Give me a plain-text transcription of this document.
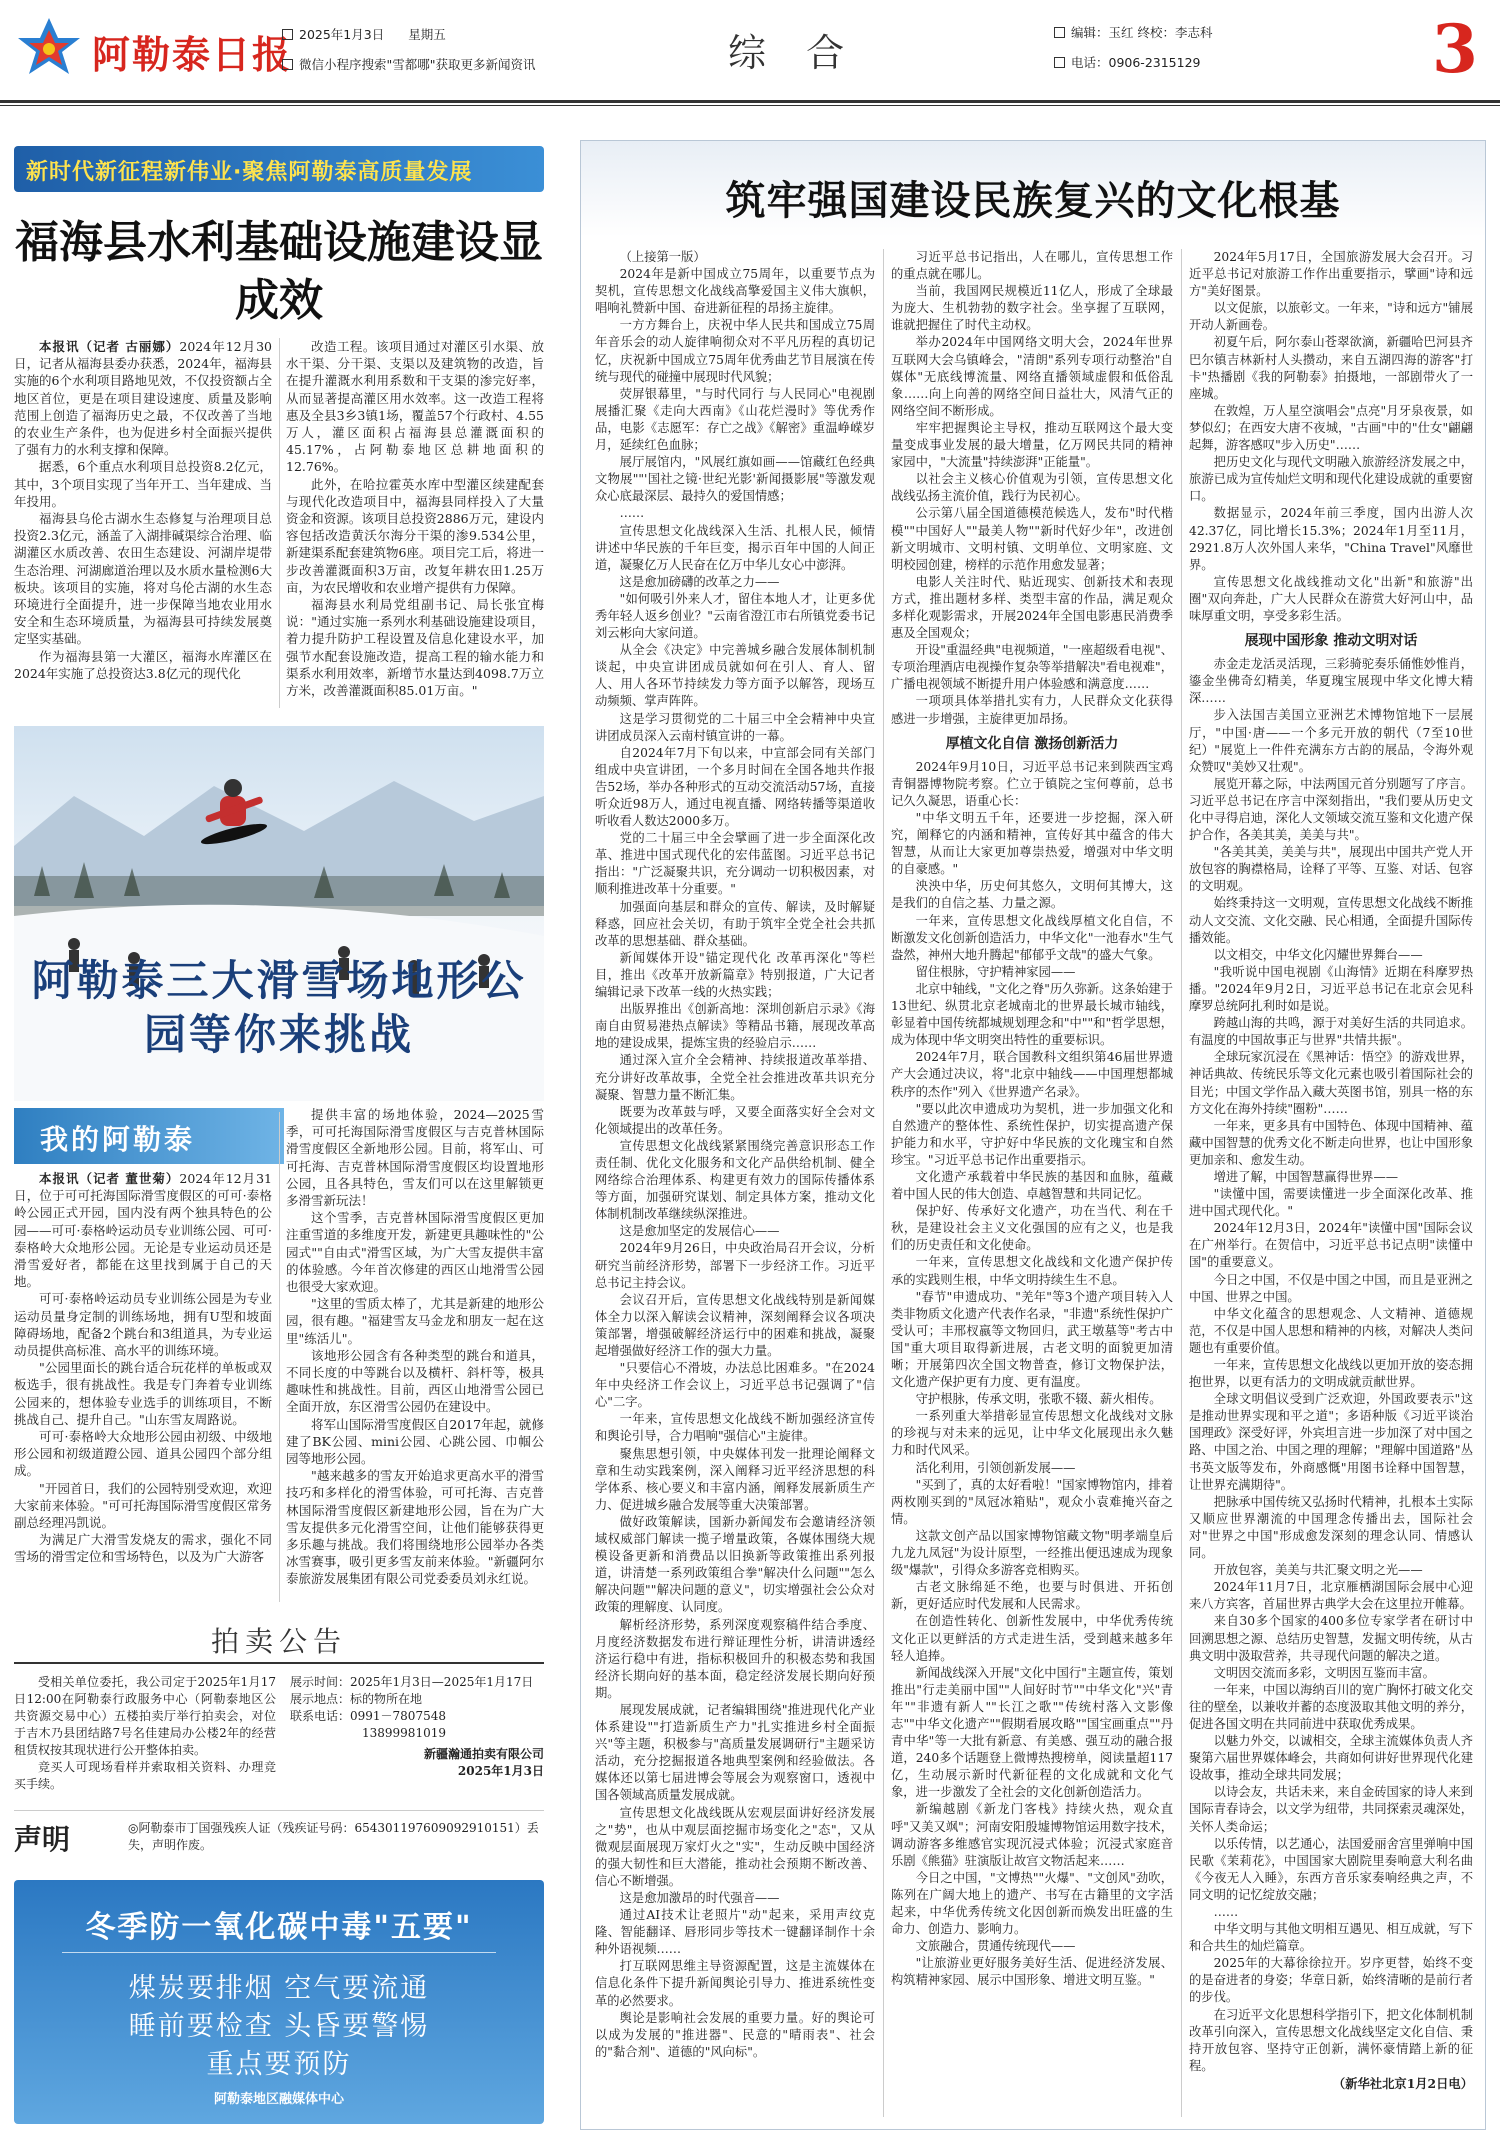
阿勒泰日报 2025年1月3日 星期五
微信小程序搜索"雪都哪"获取更多新闻资讯	综 合	编辑：玉红 终校：李志科
电话：0906-2315129	3
新时代新征程新伟业·聚焦阿勒泰高质量发展
福海县水利基础设施建设显成效

本报讯（记者 古丽娜）2024年12月30日，记者从福海县委办获悉，2024年，福海县实施的6个水利项目路地见效，不仅投资额占全地区首位，更是在项目建设速度、质量及影响范围上创造了福海历史之最，不仅改善了当地的农业生产条件，也为促进乡村全面振兴提供了强有力的水利支撑和保障。

据悉，6个重点水利项目总投资8.2亿元，其中，3个项目实现了当年开工、当年建成、当年投用。

福海县乌伦古湖水生态修复与治理项目总投资2.3亿元，涵盖了入湖排碱渠综合治理、临湖灌区水质改善、农田生态建设、河湖岸堤带生态治理、河湖廊道治理以及水质水量检测6大板块。该项目的实施，将对乌伦古湖的水生态环境进行全面提升，进一步保障当地农业用水安全和生态环境质量，为福海县可持续发展奠定坚实基础。

作为福海县第一大灌区，福海水库灌区在2024年实施了总投资达3.8亿元的现代化

改造工程。该项目通过对灌区引水渠、放水干渠、分干渠、支渠以及建筑物的改造，旨在提升灌溉水利用系数和干支渠的渗完好率，从而显著提高灌区用水效率。这一改造工程将惠及全县3乡3镇1场，覆盖57个行政村、4.55万人，灌区面积占福海县总灌溉面积的45.17%，占阿勒泰地区总耕地面积的12.76%。

此外，在哈拉霍英水库中型灌区续建配套与现代化改造项目中，福海县同样投入了大量资金和资源。该项目总投资2886万元，建设内容包括改造黄沃尔海分干渠的渗9.534公里，新建渠系配套建筑物6座。项目完工后，将进一步改善灌溉面积3万亩，改复年耕农田1.25万亩，为农民增收和农业增产提供有力保障。

福海县水利局党组副书记、局长张宜梅说："通过实施一系列水利基础设施建设项目，着力提升防护工程设置及信息化建设水平，加强节水配套设施改造，提高工程的输水能力和渠系水利用效率，新增节水量达到4098.7万立方米，改善灌溉面积85.01万亩。"

阿勒泰三大滑雪场地形公园等你来挑战
我的阿勒泰

本报讯（记者 董世菊）2024年12月31日，位于可可托海国际滑雪度假区的可可·泰格岭公园正式开园，国内没有两个独具特色的公园——可可·泰格岭运动员专业训练公园、可可·泰格岭大众地形公园。无论是专业运动员还是滑雪爱好者，都能在这里找到属于自己的天地。

可可·泰格岭运动员专业训练公园是为专业运动员量身定制的训练场地，拥有U型和坡面障碍场地，配备2个跳台和3组道具，为专业运动员提供高标准、高水平的训练环境。

"公园里面长的跳台适合玩花样的单板或双板选手，很有挑战性。我是专门奔着专业训练公园来的，想体验专业选手的训练项目，不断挑战自己、提升自己。"山东雪友周路说。

可可·泰格岭大众地形公园由初级、中级地形公园和初级道蹬公园、道具公园四个部分组成。

"开园首日，我们的公园特别受欢迎，欢迎大家前来体验。"可可托海国际滑雪度假区常务副总经理冯凯说。

为满足广大滑雪发烧友的需求，强化不同雪场的滑雪定位和雪场特色，以及为广大游客

提供丰富的场地体验，2024—2025雪季，可可托海国际滑雪度假区与吉克普林国际滑雪度假区全新地形公园。目前，将军山、可可托海、吉克普林国际滑雪度假区均设置地形公园，且各具特色，雪友们可以在这里解锁更多滑雪新玩法！

这个雪季，吉克普林国际滑雪度假区更加注重雪道的多维度开发，新建更具趣味性的"公园式""自由式"滑雪区域，为广大雪友提供丰富的体验感。今年首次修建的西区山地滑雪公园也很受大家欢迎。

"这里的雪质太棒了，尤其是新建的地形公园，很有趣。"福建雪友马金龙和朋友一起在这里"练活儿"。

该地形公园含有各种类型的跳台和道具，不同长度的中等跳台以及横杆、斜杆等，极具趣味性和挑战性。目前，西区山地滑雪公园已全面开放，东区滑雪公园仍在建设中。

将军山国际滑雪度假区自2017年起，就修建了BK公园、mini公园、心跳公园、巾帼公园等地形公园。

"越来越多的雪友开始追求更高水平的滑雪技巧和多样化的滑雪体验，可可托海、吉克普林国际滑雪度假区新建地形公园，旨在为广大雪友提供多元化滑雪空间，让他们能够获得更多乐趣与挑战。我们将围绕地形公园举办各类冰雪赛事，吸引更多雪友前来体验。"新疆阿尔泰旅游发展集团有限公司党委委员刘永红说。

拍卖公告

受相关单位委托，我公司定于2025年1月17日12:00在阿勒泰行政服务中心（阿勒泰地区公共资源交易中心）五楼拍卖厅举行拍卖会，对位于吉木乃县团结路7号名佳建局办公楼2年的经营租赁权按其现状进行公开整体拍卖。

竞买人可现场看样并索取相关资料、办理竞买手续。

展示时间：2025年1月3日—2025年1月17日
展示地点：标的物所在地
联系电话：0991－7807548
13899981019
新疆瀚通拍卖有限公司
2025年1月3日
声明	◎阿勒泰市丁国强残疾人证（残疾证号码：654301197609092910151）丢失，声明作废。
冬季防一氧化碳中毒"五要"
煤炭要排烟 空气要流通
睡前要检查 头昏要警惕
重点要预防
阿勒泰地区融媒体中心
筑牢强国建设民族复兴的文化根基

（上接第一版）

2024年是新中国成立75周年，以重要节点为契机，宣传思想文化战线高擎爱国主义伟大旗帜，唱响礼赞新中国、奋进新征程的昂扬主旋律。

一方方舞台上，庆祝中华人民共和国成立75周年音乐会的动人旋律响彻众对不平凡历程的真切记忆，庆祝新中国成立75周年优秀曲艺节目展演在传统与现代的碰撞中展现时代风貌；

荧屏银幕里，"与时代同行 与人民同心"电视剧展播汇聚《走向大西南》《山花烂漫时》等优秀作品，电影《志愿军：存亡之战》《解密》重温峥嵘岁月，延续红色血脉；

展厅展馆内，"风展红旗如画——馆藏红色经典文物展""'国社之镜·世纪光影'新闻摄影展"等激发观众心底最深层、最持久的爱国情感；

……

宣传思想文化战线深入生活、扎根人民，倾情讲述中华民族的千年巨变，揭示百年中国的人间正道，凝聚亿万人民奋在亿万中华儿女心中澎湃。

这是愈加磅礴的改革之力——

"如何吸引外来人才，留住本地人才，让更多优秀年轻人返乡创业？"云南省澄江市右所镇党委书记刘云彬向大家问道。

从全会《决定》中完善城乡融合发展体制机制谈起，中央宣讲团成员就如何在引人、育人、留人、用人各环节持续发力等方面予以解答，现场互动频频、掌声阵阵。

这是学习贯彻党的二十届三中全会精神中央宣讲团成员深入云南村镇宣讲的一幕。

自2024年7月下旬以来，中宣部会同有关部门组成中央宣讲团，一个多月时间在全国各地共作报告52场，举办各种形式的互动交流活动57场，直接听众近98万人，通过电视直播、网络转播等渠道收听收看人数达2000多万。

党的二十届三中全会擘画了进一步全面深化改革、推进中国式现代化的宏伟蓝图。习近平总书记指出："广泛凝聚共识，充分调动一切积极因素，对顺利推进改革十分重要。"

加强面向基层和群众的宣传、解读，及时解疑释惑，回应社会关切，有助于筑牢全党全社会共抓改革的思想基础、群众基础。

新闻媒体开设"锚定现代化 改革再深化"等栏目，推出《改革开放新篇章》特别报道，广大记者编辑记录下改革一线的火热实践；

出版界推出《创新高地：深圳创新启示录》《海南自由贸易港热点解读》等精品书籍，展现改革高地的建设成果，提炼宝贵的经验启示……

通过深入宣介全会精神、持续报道改革举措、充分讲好改革故事，全党全社会推进改革共识充分凝聚、智慧力量不断汇集。

既要为改革鼓与呼，又要全面落实好全会对文化领域提出的改革任务。

宣传思想文化战线紧紧围绕完善意识形态工作责任制、优化文化服务和文化产品供给机制、健全网络综合治理体系、构建更有效力的国际传播体系等方面，加强研究谋划、制定具体方案，推动文化体制机制改革继续纵深推进。

这是愈加坚定的发展信心——

2024年9月26日，中央政治局召开会议，分析研究当前经济形势，部署下一步经济工作。习近平总书记主持会议。

会议召开后，宣传思想文化战线特别是新闻媒体全力以深入解读会议精神，深刻阐释会议各项决策部署，增强破解经济运行中的困难和挑战，凝聚起增强做好经济工作的强大力量。

"只要信心不滑坡，办法总比困难多。"在2024年中央经济工作会议上，习近平总书记强调了"信心"二字。

一年来，宣传思想文化战线不断加强经济宣传和舆论引导，合力唱响"强信心"主旋律。

聚焦思想引领，中央媒体刊发一批理论阐释文章和生动实践案例，深入阐释习近平经济思想的科学体系、核心要义和丰富内涵，阐释发展新质生产力、促进城乡融合发展等重大决策部署。

做好政策解读，国新办新闻发布会邀请经济领域权威部门解读一揽子增量政策，各媒体围绕大规模设备更新和消费品以旧换新等政策推出系列报道，讲清楚一系列政策组合拳"解决什么问题""怎么解决问题""解决问题的意义"，切实增强社会公众对政策的理解度、认同度。

解析经济形势，系列深度观察稿件结合季度、月度经济数据发布进行辩证理性分析，讲清讲透经济运行稳中有进，指标积极回升的积极态势和我国经济长期向好的基本面，稳定经济发展长期向好预期。

展现发展成就，记者编辑围绕"推进现代化产业体系建设""打造新质生产力"扎实推进乡村全面振兴"等主题，积极参与"高质量发展调研行"主题采访活动，充分挖掘报道各地典型案例和经验做法。各媒体还以第七届进博会等展会为观察窗口，透视中国各领域高质量发展成就。

宣传思想文化战线既从宏观层面讲好经济发展之"势"，也从中观层面挖掘市场变化之"态"，又从微观层面展现万家灯火之"实"，生动反映中国经济的强大韧性和巨大潜能，推动社会预期不断改善、信心不断增强。

这是愈加激昂的时代强音——

通过AI技术让老照片"动"起来，采用声纹克隆、智能翻译、唇形同步等技术一键翻译制作十余种外语视频……

打互联网思维主导资源配置，这是主流媒体在信息化条件下提升新闻舆论引导力、推进系统性变革的必然要求。

舆论是影响社会发展的重要力量。好的舆论可以成为发展的"推进器"、民意的"晴雨表"、社会的"黏合剂"、道德的"风向标"。

习近平总书记指出，人在哪儿，宣传思想工作的重点就在哪儿。

当前，我国网民规模近11亿人，形成了全球最为庞大、生机勃勃的数字社会。坐享握了互联网，谁就把握住了时代主动权。

举办2024年中国网络文明大会，2024年世界互联网大会乌镇峰会，"清朗"系列专项行动整治"自媒体"无底线博流量、网络直播领域虚假和低俗乱象……向上向善的网络空间日益壮大，风清气正的网络空间不断形成。

牢牢把握舆论主导权，推动互联网这个最大变量变成事业发展的最大增量，亿万网民共同的精神家园中，"大流量"持续澎湃"正能量"。

以社会主义核心价值观为引领，宣传思想文化战线弘扬主流价值，践行为民初心。

公示第八届全国道德模范候选人，发布"时代楷模""中国好人""最美人物""新时代好少年"，改进创新文明城市、文明村镇、文明单位、文明家庭、文明校园创建，榜样的示范作用愈发显著；

电影人关注时代、贴近现实、创新技术和表现方式，推出题材多样、类型丰富的作品，满足观众多样化观影需求，开展2024年全国电影惠民消费季惠及全国观众；

开设"重温经典"电视频道，"一座超级看电视"、专项治理酒店电视操作复杂等举措解决"看电视难"，广播电视领域不断提升用户体验感和满意度……

一项项具体举措扎实有力，人民群众文化获得感进一步增强，主旋律更加昂扬。

厚植文化自信 激扬创新活力

2024年9月10日，习近平总书记来到陕西宝鸡青铜器博物院考察。伫立于镇院之宝何尊前，总书记久久凝思，语重心长：

"中华文明五千年，还要进一步挖掘，深入研究，阐释它的内涵和精神，宣传好其中蕴含的伟大智慧，从而让大家更加尊崇热爱，增强对中华文明的自豪感。"

泱泱中华，历史何其悠久，文明何其博大，这是我们的自信之基、力量之源。

一年来，宣传思想文化战线厚植文化自信，不断激发文化创新创造活力，中华文化"一池春水"生气盎然，神州大地升腾起"郁郁乎文哉"的盛大气象。

留住根脉，守护精神家园——

北京中轴线，"文化之脊"历久弥新。这条始建于13世纪、纵贯北京老城南北的世界最长城市轴线，彰显着中国传统都城规划理念和"中""和"哲学思想，成为体现中华文明突出特性的重要标识。

2024年7月，联合国教科文组织第46届世界遗产大会通过决议，将"北京中轴线——中国理想都城秩序的杰作"列入《世界遗产名录》。

"要以此次申遗成功为契机，进一步加强文化和自然遗产的整体性、系统性保护，切实提高遗产保护能力和水平，守护好中华民族的文化瑰宝和自然珍宝。"习近平总书记作出重要指示。

文化遗产承载着中华民族的基因和血脉，蕴藏着中国人民的伟大创造、卓越智慧和共同记忆。

保护好、传承好文化遗产，功在当代、利在千秋，是建设社会主义文化强国的应有之义，也是我们的历史责任和文化使命。

一年来，宣传思想文化战线和文化遗产保护传承的实践则生根，中华文明持续生生不息。

"春节"申遗成功、"羌年"等3个遗产项目转入人类非物质文化遗产代表作名录，"非遗"系统性保护广受认可；丰邢杈嬴等文物回归，武王墩墓等"考古中国"重大项目取得新进展，古老文明的面貌更加清晰；开展第四次全国文物普查，修订文物保护法，文化遗产保护更有力度、更有温度。

守护根脉，传承文明，张歌不辍、薪火相传。

一系列重大举措彰显宣传思想文化战线对文脉的珍视与对未来的远见，让中华文化展现出永久魅力和时代风采。

活化利用，引领创新发展——

"买到了，真的太好看啦！"国家博物馆内，排着两枚刚买到的"凤冠冰箱贴"，观众小袁难掩兴奋之情。

这款文创产品以国家博物馆藏文物"明孝端皇后九龙九凤冠"为设计原型，一经推出便迅速成为现象级"爆款"，引得众多游客竞相购买。

古老文脉绵延不绝，也要与时俱进、开拓创新，更好适应时代发展和人民需求。

在创造性转化、创新性发展中，中华优秀传统文化正以更鲜活的方式走进生活，受到越来越多年轻人追捧。

新闻战线深入开展"文化中国行"主题宣传，策划推出"行走美丽中国""人间好时节""中华文化"兴"青年""非遗有新人""长江之歌""传统村落入文影像志""中华文化遗产""假期看展攻略""国宝画重点""丹青中华"等一大批有新意、有美感、强互动的融合报道，240多个话题登上微博热搜榜单，阅读量超117亿，生动展示新时代新征程的文化成就和文化气象，进一步激发了全社会的文化创新创造活力。

新编越剧《新龙门客栈》持续火热，观众直呼"又美又飒"；河南安阳殷墟博物馆运用数字技术，调动游客多维感官实现沉浸式体验；沉浸式家庭音乐剧《熊猫》驻演版让故宫文物活起来……

今日之中国，"文博热""火爆"、"文创风"劲吹，陈列在广阔大地上的遗产、书写在古籍里的文字活起来，中华优秀传统文化因创新而焕发出旺盛的生命力、创造力、影响力。

文旅融合，贯通传统现代——

"让旅游业更好服务美好生活、促进经济发展、构筑精神家园、展示中国形象、增进文明互鉴。"

2024年5月17日，全国旅游发展大会召开。习近平总书记对旅游工作作出重要指示，擘画"诗和远方"美好图景。

以文促旅，以旅彰文。一年来，"诗和远方"铺展开动人新画卷。

初夏午后，阿尔泰山苍翠欲滴，新疆哈巴河县齐巴尔镇吉林新村人头攒动，来自五湖四海的游客"打卡"热播剧《我的阿勒泰》拍摄地，一部剧带火了一座城。

在敦煌，万人星空演唱会"点亮"月牙泉夜景，如梦似幻；在西安大唐不夜城，"古画"中的"仕女"翩翩起舞，游客感叹"步入历史"……

把历史文化与现代文明融入旅游经济发展之中，旅游已成为宣传灿烂文明和现代化建设成就的重要窗口。

数据显示，2024年前三季度，国内出游人次42.37亿，同比增长15.3%；2024年1月至11月，2921.8万人次外国人来华，"China Travel"风靡世界。

宣传思想文化战线推动文化"出新"和旅游"出圈"双向奔赴，广大人民群众在游赏大好河山中，品味厚重文明，享受多彩生活。

展现中国形象 推动文明对话

赤金走龙活灵活现，三彩骑驼奏乐俑惟妙惟肖，鎏金坐佛奇幻精美，华夏瑰宝展现中华文化博大精深……

步入法国吉美国立亚洲艺术博物馆地下一层展厅，"中国·唐——一个多元开放的朝代（7至10世纪）"展览上一件件充满东方古韵的展品，令海外观众赞叹"美妙又壮观"。

展览开幕之际，中法两国元首分别题写了序言。习近平总书记在序言中深刻指出，"我们要从历史文化中寻得启迪，深化人文领域交流互鉴和文化遗产保护合作，各美其美，美美与共"。

"各美其美，美美与共"，展现出中国共产党人开放包容的胸襟格局，诠释了平等、互鉴、对话、包容的文明观。

始终秉持这一文明观，宣传思想文化战线不断推动人文交流、文化交融、民心相通，全面提升国际传播效能。

以文相交，中华文化闪耀世界舞台——

"我听说中国电视剧《山海情》近期在科摩罗热播。"2024年9月2日，习近平总书记在北京会见科摩罗总统阿扎利时如是说。

跨越山海的共鸣，源于对美好生活的共同追求。有温度的中国故事正与世界"共情共振"。

全球玩家沉浸在《黑神话：悟空》的游戏世界，神话典故、传统民乐等文化元素也吸引着国际社会的目光；中国文学作品入藏大英图书馆，别具一格的东方文化在海外持续"圈粉"……

一年来，更多具有中国特色、体现中国精神、蕴藏中国智慧的优秀文化不断走向世界，也让中国形象更加亲和、愈发生动。

增进了解，中国智慧赢得世界——

"读懂中国，需要读懂进一步全面深化改革、推进中国式现代化。"

2024年12月3日，2024年"读懂中国"国际会议在广州举行。在贺信中，习近平总书记点明"读懂中国"的重要意义。

今日之中国，不仅是中国之中国，而且是亚洲之中国、世界之中国。

中华文化蕴含的思想观念、人文精神、道德规范，不仅是中国人思想和精神的内核，对解决人类问题也有重要价值。

一年来，宣传思想文化战线以更加开放的姿态拥抱世界，以更有活力的文明成就贡献世界。

全球文明倡议受到广泛欢迎，外国政要表示"这是推动世界实现和平之道"；多语种版《习近平谈治国理政》深受好评，外宾坦言进一步加深了对中国之路、中国之治、中国之理的理解；"理解中国道路"丛书英文版等发布，外商感慨"用图书诠释中国智慧，让世界充满期待"。

把脉承中国传统又弘扬时代精神，扎根本土实际又顺应世界潮流的中国理念传播出去，国际社会对"世界之中国"形成愈发深刻的理念认同、情感认同。

开放包容，美美与共汇聚文明之光——

2024年11月7日，北京雁栖湖国际会展中心迎来八方宾客，首届世界古典学大会在这里拉开帷幕。

来自30多个国家的400多位专家学者在研讨中回溯思想之源、总结历史智慧，发掘文明传统，从古典文明中汲取营养，共寻现代问题的解决之道。

文明因交流而多彩，文明因互鉴而丰富。

一年来，中国以海纳百川的宽广胸怀打破文化交往的壁垒，以兼收并蓄的态度汲取其他文明的养分，促进各国文明在共同前进中获取优秀成果。

以魅力外交，以诚相交，全球主流媒体负责人齐聚第六届世界媒体峰会，共商如何讲好世界现代化建设故事，推动全球共同发展；

以诗会友，共话未来，来自金砖国家的诗人来到国际青春诗会，以文学为纽带，共同探索灵魂深处，关怀人类命运；

以乐传情，以艺通心，法国爱丽舍宫里弹响中国民歌《茉莉花》，中国国家大剧院里奏响意大利名曲《今夜无人入睡》，东西方音乐家奏响经典之声，不同文明的记忆绽放交融；

……

中华文明与其他文明相互遇见、相互成就，写下和合共生的灿烂篇章。

2025年的大幕徐徐拉开。岁序更替，始终不变的是奋进者的身姿；华章日新，始终清晰的是前行者的步伐。

在习近平文化思想科学指引下，把文化体制机制改革引向深入，宣传思想文化战线坚定文化自信、秉持开放包容、坚持守正创新，满怀豪情踏上新的征程。

（新华社北京1月2日电）
